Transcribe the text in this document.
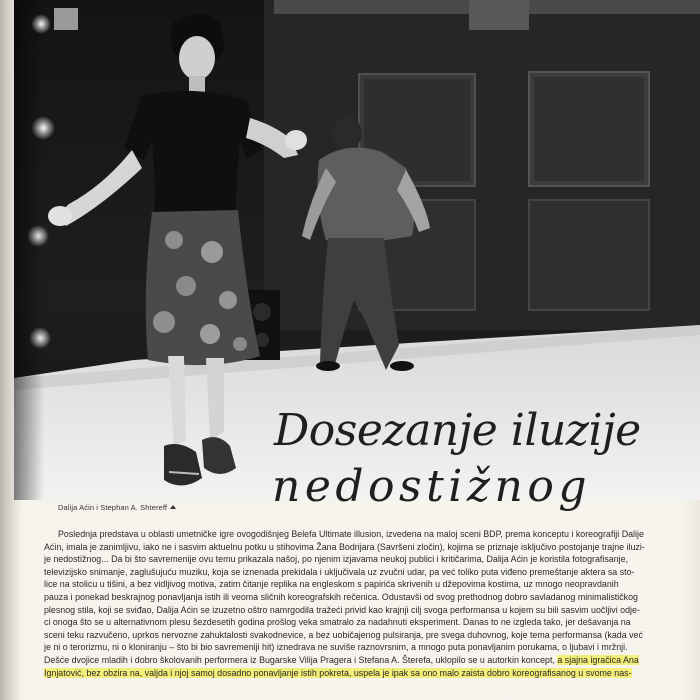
Dosezanje iluzije
nedostižnog
Dalija Aćin i Stephan A. Shtereff
Poslednja predstava u oblasti umetničke igre ovogodišnjeg Belefa Ultimate illusion, izvedena na maloj sceni BDP, prema konceptu i koreografiji Dalije
Aćin, imala je zanimljivu, iako ne i sasvim aktuelnu potku u stihovima Žana Bodrijara (Savršeni zločin), kojima se priznaje isključivo postojanje trajne iluzi-
je nedostižnog... Da bi što savremenije ovu temu prikazala našoj, po njenim izjavama neukoj publici i kritičarima, Dalija Aćin je koristila fotografisanje,
televizijsko snimanje, zaglušujuću muziku, koja se iznenada prekidala i uključivala uz zvučni udar, pa već toliko puta viđeno premeštanje aktera sa sto-
lice na stolicu u tišini, a bez vidljivog motiva, zatim čitanje replika na engleskom s papirića skrivenih u džepovima kostima, uz mnogo neopravdanih
pauza i ponekad beskrajnog ponavljanja istih ili veoma sličnih koreografskih rečenica. Odustavši od svog prethodnog dobro savladanog minimalističkog
plesnog stila, koji se sviđao, Dalija Aćin se izuzetno oštro namrgodila tražeći privid kao krajnji cilj svoga performansa u kojem su bili sasvim uočljivi odje-
ci onoga što se u alternativnom plesu šezdesetih godina prošlog veka smatralo za nadahnuti eksperiment. Danas to ne izgleda tako, jer dešavanja na
sceni teku razvučeno, uprkos nervozne zahuktalosti svakodnevice, a bez uobičajenog pulsiranja, pre svega duhovnog, koje tema performansa (kada već
je ni o terorizmu, ni o kloniranju – što bi bio savremeniji hit) iznedrava ne suviše raznovrsnim, a mnogo puta ponavljanim porukama, o ljubavi i mržnji.
Dešće dvojice mladih i dobro školovanih performera iz Bugarske Vilija Pragera i Stefana A. Šterefa, uklopilo se u autorkin koncept, a sjajna igračica Ana
Ignjatović, bez obzira na, valjda i njoj samoj dosadno ponavljanje istih pokreta, uspela je ipak sa ono malo zaista dobro koreografisanog u svome nas-
